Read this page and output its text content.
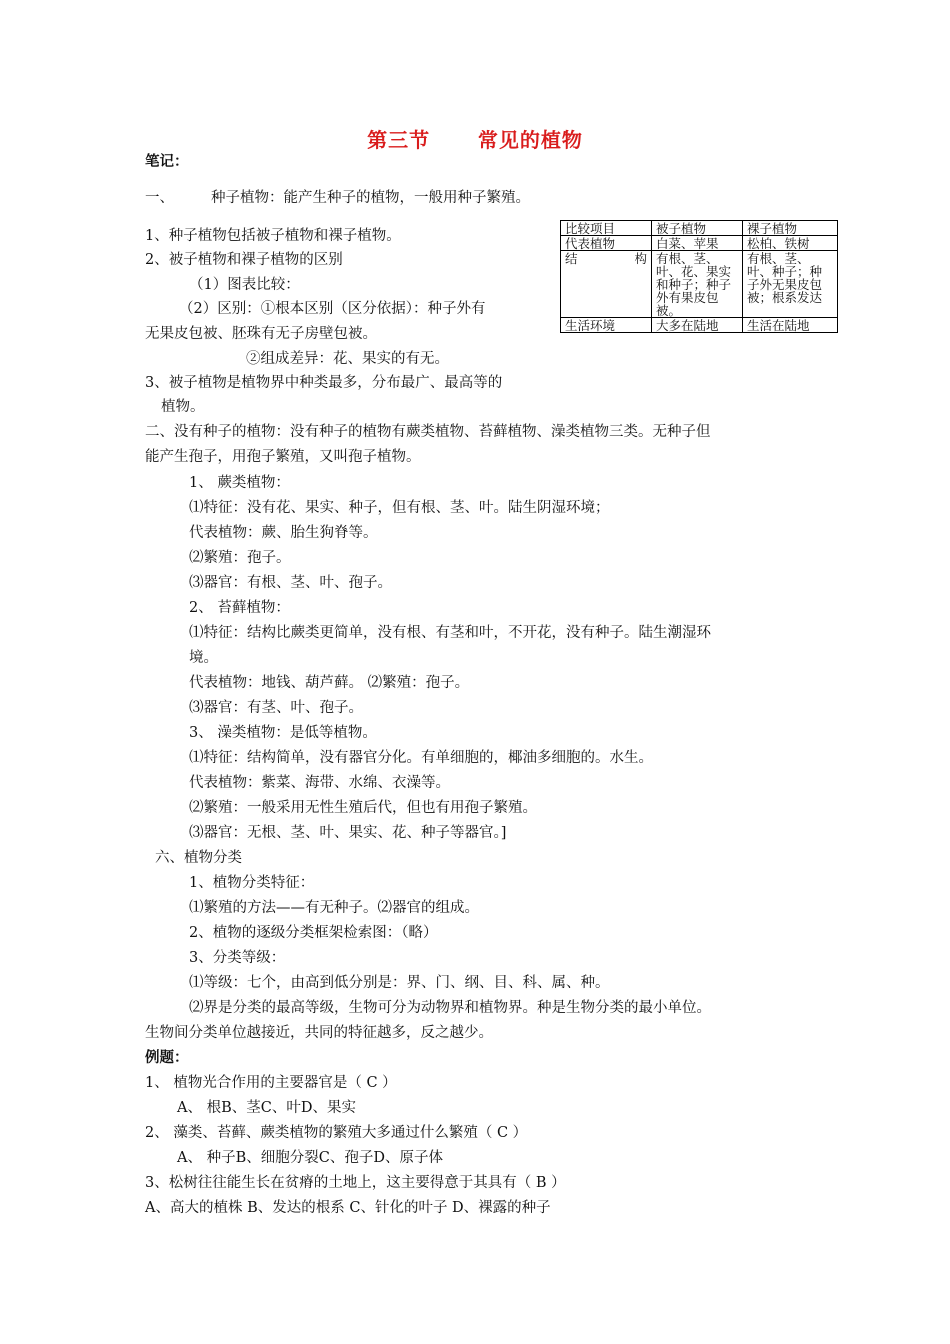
第三节      常见的植物
笔记：
一、	种子植物：能产生种子的植物，一般用种子繁殖。
1、种子植物包括被子植物和裸子植物。
2、被子植物和裸子植物的区别
（1）图表比较：
（2）区别：①根本区别（区分依据）：种子外有
无果皮包被、胚珠有无子房壁包被。
②组成差异：花、果实的有无。
3、被子植物是植物界中种类最多，分布最广、最高等的
植物。
比较项目	被子植物	裸子植物
代表植物	白菜、苹果	松柏、铁树

结 构	有根、茎、叶、花、果实和种子；种子外有果皮包被。	有根、茎、叶、种子；种子外无果皮包被；根系发达
生活环境	大多在陆地	生活在陆地
二、没有种子的植物：没有种子的植物有蕨类植物、苔藓植物、澡类植物三类。无种子但
能产生孢子，用孢子繁殖，又叫孢子植物。
1、 蕨类植物：
⑴特征：没有花、果实、种子，但有根、茎、叶。陆生阴湿环境；
代表植物：蕨、胎生狗脊等。
⑵繁殖：孢子。
⑶器官：有根、茎、叶、孢子。
2、 苔藓植物：
⑴特征：结构比蕨类更简单，没有根、有茎和叶，不开花，没有种子。陆生潮湿环
境。
代表植物：地钱、葫芦藓。 ⑵繁殖：孢子。
⑶器官：有茎、叶、孢子。
3、 澡类植物：是低等植物。
⑴特征：结构简单，没有器官分化。有单细胞的，椰油多细胞的。水生。
代表植物：紫菜、海带、水绵、衣澡等。
⑵繁殖：一般采用无性生殖后代，但也有用孢子繁殖。
⑶器官：无根、茎、叶、果实、花、种子等器官。]
六、植物分类
1、植物分类特征：
⑴繁殖的方法——有无种子。⑵器官的组成。
2、植物的逐级分类框架检索图：（略）
3、分类等级：
⑴等级：七个，由高到低分别是：界、门、纲、目、科、属、种。
⑵界是分类的最高等级，生物可分为动物界和植物界。种是生物分类的最小单位。
生物间分类单位越接近，共同的特征越多，反之越少。
例题：
1、 植物光合作用的主要器官是（ C ）
A、 根B、茎C、叶D、果实
2、 藻类、苔藓、蕨类植物的繁殖大多通过什么繁殖（ C ）
A、 种子B、细胞分裂C、孢子D、原子体
3、松树往往能生长在贫瘠的土地上，这主要得意于其具有（ B ）
A、高大的植株 B、发达的根系 C、针化的叶子 D、裸露的种子
